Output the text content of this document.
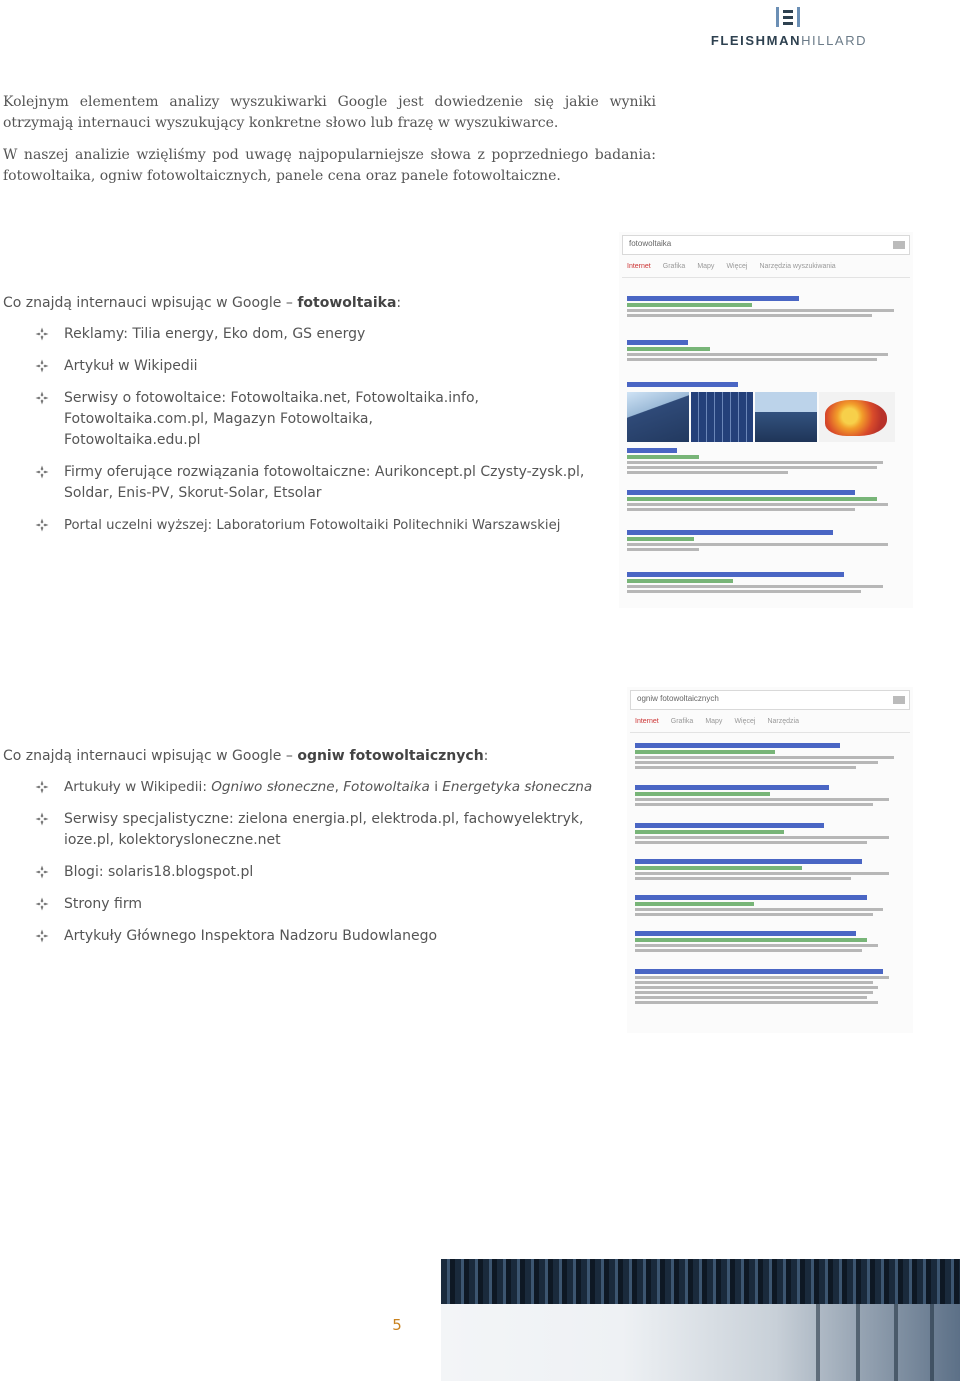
FLEISHMANHILLARD

Kolejnym elementem analizy wyszukiwarki Google jest dowiedzenie się jakie wyniki otrzymają internauci wyszukujący konkretne słowo lub frazę w wyszukiwarce.

W naszej analizie wzięliśmy pod uwagę najpopularniejsze słowa z poprzedniego badania: fotowoltaika, ogniw fotowoltaicznych, panele cena oraz panele fotowoltaiczne.

Co znajdą internauci wpisując w Google – fotowoltaika:
Reklamy: Tilia energy, Eko dom, GS energy
Artykuł w Wikipedii
Serwisy o fotowoltaice: Fotowoltaika.net, Fotowoltaika.info, Fotowoltaika.com.pl, Magazyn Fotowoltaika, Fotowoltaika.edu.pl
Firmy oferujące rozwiązania fotowoltaiczne: Aurikoncept.pl Czysty-zysk.pl, Soldar, Enis-PV, Skorut-Solar, Etsolar
Portal uczelni wyższej: Laboratorium Fotowoltaiki Politechniki Warszawskiej
Co znajdą internauci wpisując w Google – ogniw fotowoltaicznych:
Artukuły w Wikipedii: Ogniwo słoneczne, Fotowoltaika i Energetyka słoneczna
Serwisy specjalistyczne: zielona energia.pl, elektroda.pl, fachowyelektryk, ioze.pl, kolektorysloneczne.net
Blogi: solaris18.blogspot.pl
Strony firm
Artykuły Głównego Inspektora Nadzoru Budowlanego
fotowoltaika
Internet Grafika Mapy Więcej Narzędzia wyszukiwania
ogniw fotowoltaicznych
Internet Grafika Mapy Więcej Narzędzia
5
